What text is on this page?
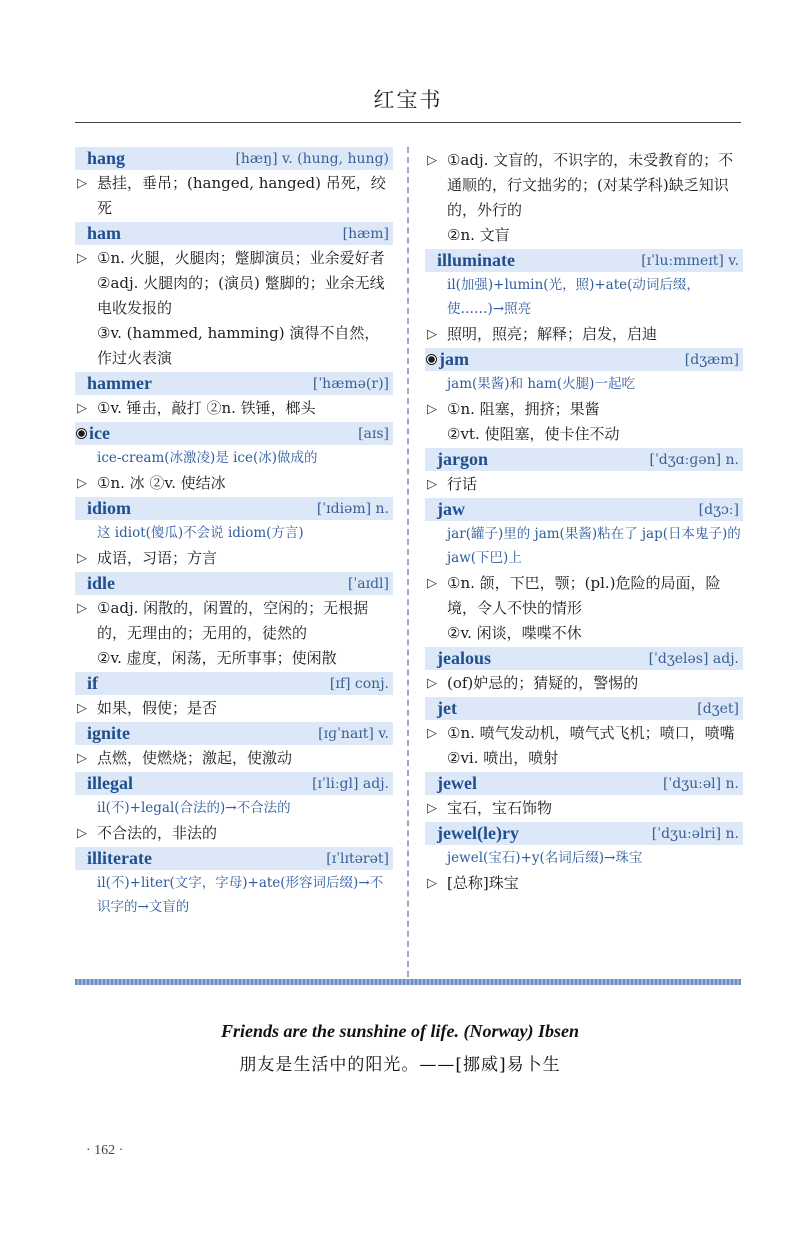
红宝书
hang	[hæŋ] v. (hung, hung)
▷ 悬挂，垂吊；(hanged, hanged) 吊死，绞死
ham	[hæm]
▷ ①n. 火腿，火腿肉；蹩脚演员；业余爱好者
②adj. 火腿肉的；(演员) 蹩脚的；业余无线电收发报的
③v. (hammed, hamming) 演得不自然，作过火表演
hammer	[ˈhæmə(r)]
▷ ①v. 锤击，敲打 ②n. 铁锤，榔头
ice	[aɪs]
ice-cream(冰激凌)是 ice(冰)做成的
▷ ①n. 冰 ②v. 使结冰
idiom	[ˈɪdiəm] n.
这 idiot(傻瓜)不会说 idiom(方言)
▷ 成语，习语；方言
idle	[ˈaɪdl]
▷ ①adj. 闲散的，闲置的，空闲的；无根据的，无理由的；无用的，徒然的
②v. 虚度，闲荡，无所事事；使闲散
if	[ɪf] conj.
▷ 如果，假使；是否
ignite	[ɪɡˈnaɪt] v.
▷ 点燃，使燃烧；激起，使激动
illegal	[ɪˈliːgl] adj.
il(不)+legal(合法的)→不合法的
▷ 不合法的，非法的
illiterate	[ɪˈlɪtərət]
il(不)+liter(文字，字母)+ate(形容词后缀)→不识字的→文盲的
▷ ①adj. 文盲的，不识字的，未受教育的；不通顺的，行文拙劣的；(对某学科)缺乏知识的，外行的
②n. 文盲
illuminate	[ɪˈluːmɪneɪt] v.
il(加强)+lumin(光，照)+ate(动词后缀，使……)→照亮
▷ 照明，照亮；解释；启发，启迪
jam	[dʒæm]
jam(果酱)和 ham(火腿)一起吃
▷ ①n. 阻塞，拥挤；果酱
②vt. 使阻塞，使卡住不动
jargon	[ˈdʒɑːɡən] n.
▷ 行话
jaw	[dʒɔː]
jar(罐子)里的 jam(果酱)粘在了 jap(日本鬼子)的 jaw(下巴)上
▷ ①n. 颌，下巴，颚；(pl.)危险的局面，险境，令人不快的情形
②v. 闲谈，喋喋不休
jealous	[ˈdʒeləs] adj.
▷ (of)妒忌的；猜疑的，警惕的
jet	[dʒet]
▷ ①n. 喷气发动机，喷气式飞机；喷口，喷嘴
②vi. 喷出，喷射
jewel	[ˈdʒuːəl] n.
▷ 宝石，宝石饰物
jewel(le)ry	[ˈdʒuːəlri] n.
jewel(宝石)+y(名词后缀)→珠宝
▷ [总称]珠宝
Friends are the sunshine of life. (Norway) Ibsen
朋友是生活中的阳光。——[挪威]易卜生
· 162 ·
